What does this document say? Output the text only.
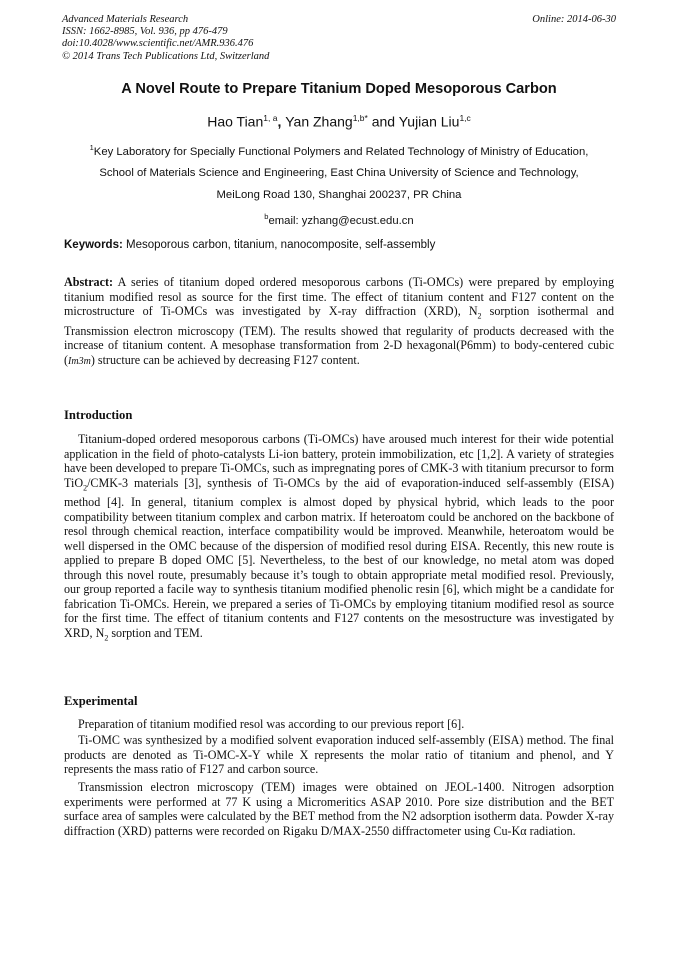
Advanced Materials Research
ISSN: 1662-8985, Vol. 936, pp 476-479
doi:10.4028/www.scientific.net/AMR.936.476
© 2014 Trans Tech Publications Ltd, Switzerland
Online: 2014-06-30
A Novel Route to Prepare Titanium Doped Mesoporous Carbon
Hao Tian$^{1, a}$, Yan Zhang$^{1,b*}$ and Yujian Liu$^{1,c}$
$^1$Key Laboratory for Specially Functional Polymers and Related Technology of Ministry of Education,
School of Materials Science and Engineering, East China University of Science and Technology,
MeiLong Road 130, Shanghai 200237, PR China
$^b$email: yzhang@ecust.edu.cn
Keywords: Mesoporous carbon, titanium, nanocomposite, self-assembly
Abstract: A series of titanium doped ordered mesoporous carbons (Ti-OMCs) were prepared by employing titanium modified resol as source for the first time. The effect of titanium content and F127 content on the microstructure of Ti-OMCs was investigated by X-ray diffraction (XRD), $N_2$ sorption isothermal and Transmission electron microscopy (TEM). The results showed that regularity of products decreased with the increase of titanium content. A mesophase transformation from 2-D hexagonal(P6mm) to body-centered cubic (Im3m) structure can be achieved by decreasing F127 content.
Introduction
Titanium-doped ordered mesoporous carbons (Ti-OMCs) have aroused much interest for their wide potential application in the field of photo-catalysts Li-ion battery, protein immobilization, etc [1,2]. A variety of strategies have been developed to prepare Ti-OMCs, such as impregnating pores of CMK-3 with titanium precursor to form TiO$_2$/CMK-3 materials [3], synthesis of Ti-OMCs by the aid of evaporation-induced self-assembly (EISA) method [4]. In general, titanium complex is almost doped by physical hybrid, which leads to the poor compatibility between titanium complex and carbon matrix. If heteroatom could be anchored on the backbone of resol through chemical reaction, interface compatibility would be improved. Meanwhile, heteroatom would be well dispersed in the OMC because of the dispersion of modified resol during EISA. Recently, this new route is applied to prepare B doped OMC [5]. Nevertheless, to the best of our knowledge, no metal atom was doped through this novel route, presumably because it’s tough to obtain appropriate metal modified resol. Previously, our group reported a facile way to synthesis titanium modified phenolic resin [6], which might be a candidate for fabrication Ti-OMCs. Herein, we prepared a series of Ti-OMCs by employing titanium modified resol as source for the first time. The effect of titanium contents and F127 contents on the mesostructure was investigated by XRD, $N_2$ sorption and TEM.
Experimental
Preparation of titanium modified resol was according to our previous report [6].
Ti-OMC was synthesized by a modified solvent evaporation induced self-assembly (EISA) method. The final products are denoted as Ti-OMC-X-Y while X represents the molar ratio of titanium and phenol, and Y represents the mass ratio of F127 and carbon source.
Transmission electron microscopy (TEM) images were obtained on JEOL-1400. Nitrogen adsorption experiments were performed at 77 K using a Micromeritics ASAP 2010. Pore size distribution and the BET surface area of samples were calculated by the BET method from the N2 adsorption isotherm data. Powder X-ray diffraction (XRD) patterns were recorded on Rigaku D/MAX-2550 diffractometer using Cu-Kα radiation.
